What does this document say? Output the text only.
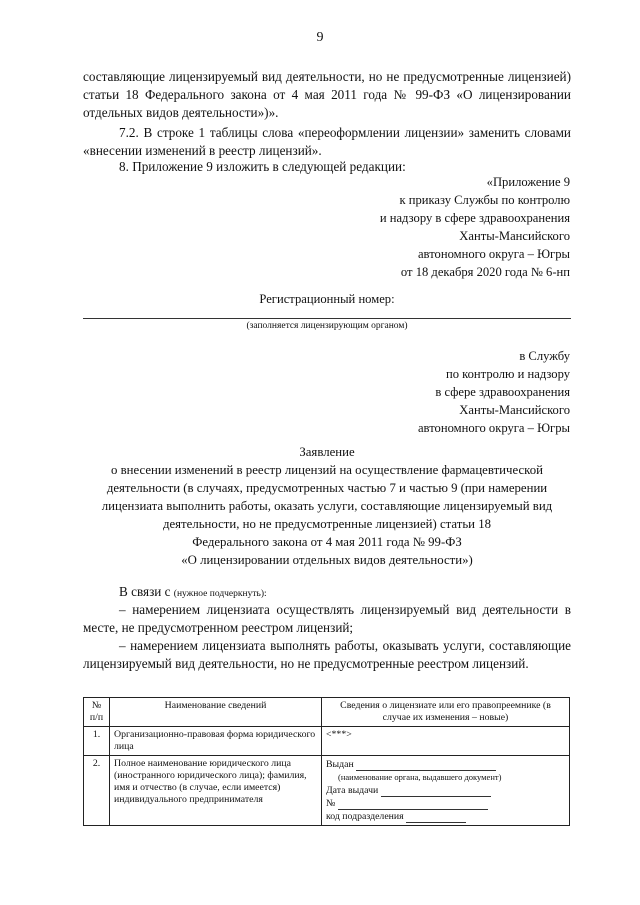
9
составляющие лицензируемый вид деятельности, но не предусмотренные лицензией) статьи 18 Федерального закона от 4 мая 2011 года № 99-ФЗ «О лицензировании отдельных видов деятельности»)».
7.2. В строке 1 таблицы слова «переоформлении лицензии» заменить словами «внесении изменений в реестр лицензий».
8. Приложение 9 изложить в следующей редакции:
«Приложение 9
к приказу Службы по контролю
и надзору в сфере здравоохранения
Ханты-Мансийского
автономного округа – Югры
от 18 декабря 2020 года № 6-нп
Регистрационный номер:
(заполняется лицензирующим органом)
в Службу
по контролю и надзору
в сфере здравоохранения
Ханты-Мансийского
автономного округа – Югры
Заявление
о внесении изменений в реестр лицензий на осуществление фармацевтической
деятельности (в случаях, предусмотренных частью 7 и частью 9 (при намерении
лицензиата выполнить работы, оказать услуги, составляющие лицензируемый вид
деятельности, но не предусмотренные лицензией) статьи 18
Федерального закона от 4 мая 2011 года № 99-ФЗ
«О лицензировании отдельных видов деятельности»)
В связи с (нужное подчеркнуть):
– намерением лицензиата осуществлять лицензируемый вид деятельности в месте, не предусмотренном реестром лицензий;
– намерением лицензиата выполнять работы, оказывать услуги, составляющие лицензируемый вид деятельности, но не предусмотренные реестром лицензий.
№ п/п	Наименование сведений	Сведения о лицензиате или его правопреемнике (в случае их изменения – новые)
1.	Организационно-правовая форма юридического лица	<***>
2.	Полное наименование юридического лица (иностранного юридического лица); фамилия, имя и отчество (в случае, если имеется) индивидуального предпринимателя	Выдан
(наименование органа, выдавшего документ)
Дата выдачи
№
код подразделения
